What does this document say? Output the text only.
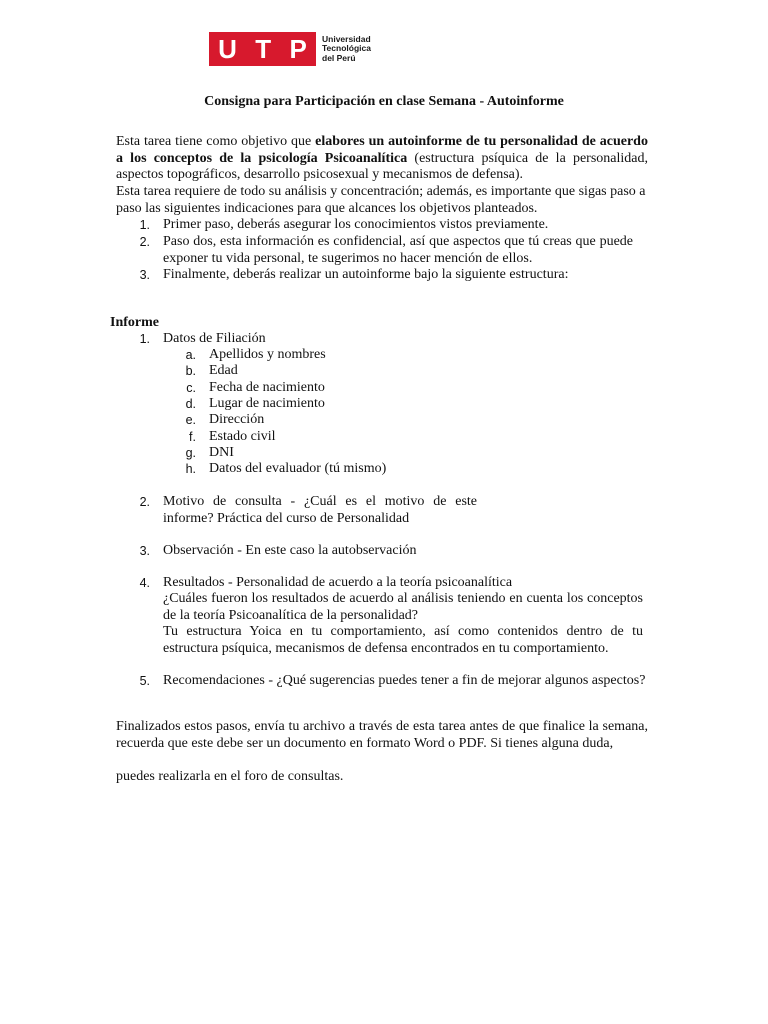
U T P Universidad
Tecnológica
del Perú
Consigna para Participación en clase Semana - Autoinforme
Esta tarea tiene como objetivo que elabores un autoinforme de tu personalidad de acuerdo a los conceptos de la psicología Psicoanalítica (estructura psíquica de la personalidad, aspectos topográficos, desarrollo psicosexual y mecanismos de defensa).
Esta tarea requiere de todo su análisis y concentración; además, es importante que sigas paso a paso las siguientes indicaciones para que alcances los objetivos planteados.
1. Primer paso, deberás asegurar los conocimientos vistos previamente.
2. Paso dos, esta información es confidencial, así que aspectos que tú creas que puede exponer tu vida personal, te sugerimos no hacer mención de ellos.
3. Finalmente, deberás realizar un autoinforme bajo la siguiente estructura:
Informe
1. Datos de Filiación
a. Apellidos y nombres
b. Edad
c. Fecha de nacimiento
d. Lugar de nacimiento
e. Dirección
f. Estado civil
g. DNI
h. Datos del evaluador (tú mismo)
2. Motivo de consulta - ¿Cuál es el motivo de este informe? Práctica del curso de Personalidad
3. Observación - En este caso la autobservación
4. Resultados - Personalidad de acuerdo a la teoría psicoanalítica
¿Cuáles fueron los resultados de acuerdo al análisis teniendo en cuenta los conceptos de la teoría Psicoanalítica de la personalidad?
Tu estructura Yoica en tu comportamiento, así como contenidos dentro de tu estructura psíquica, mecanismos de defensa encontrados en tu comportamiento.
5. Recomendaciones - ¿Qué sugerencias puedes tener a fin de mejorar algunos aspectos?
Finalizados estos pasos, envía tu archivo a través de esta tarea antes de que finalice la semana, recuerda que este debe ser un documento en formato Word o PDF. Si tienes alguna duda,
puedes realizarla en el foro de consultas.
